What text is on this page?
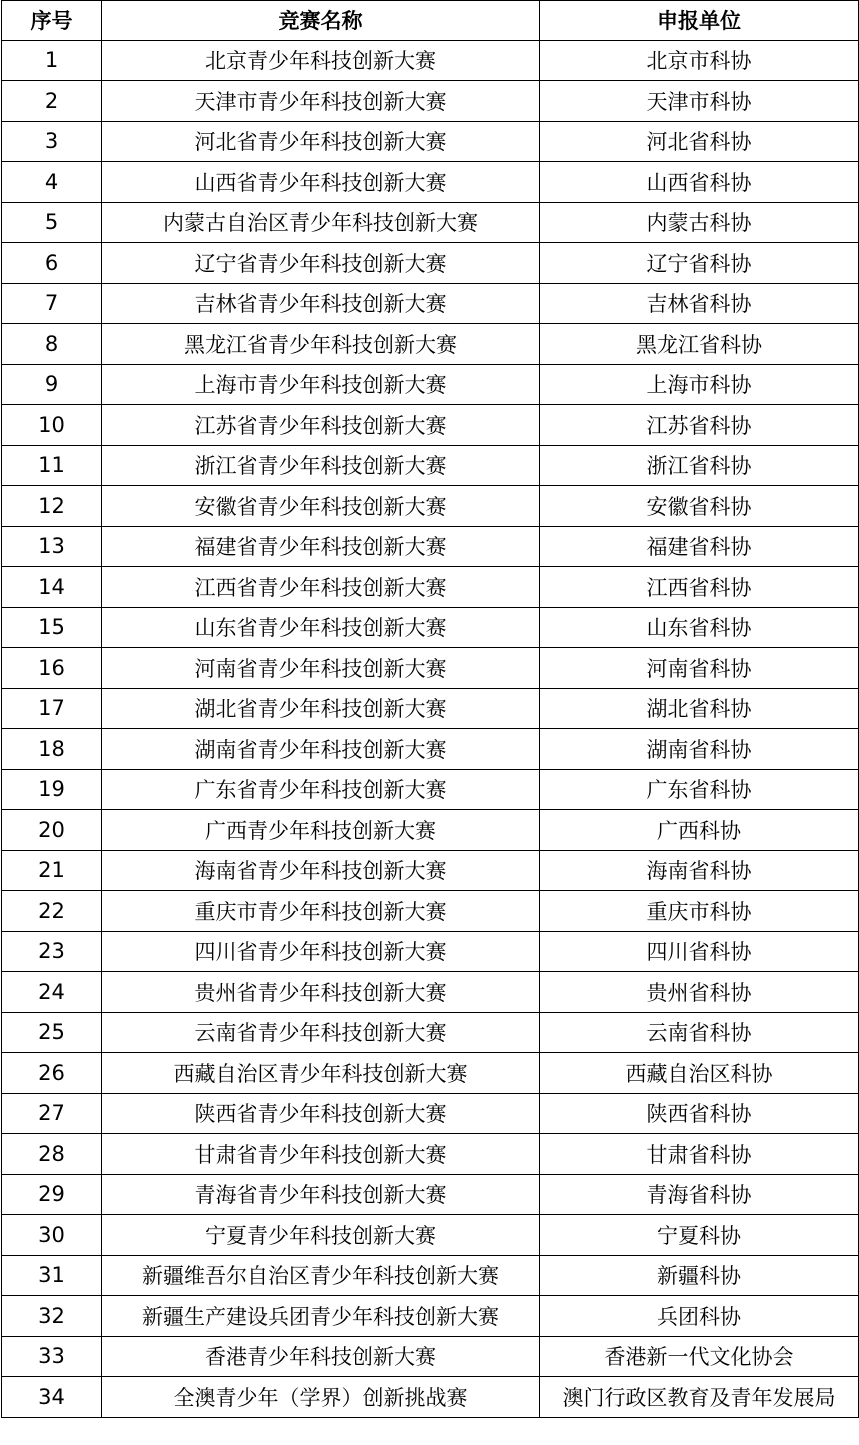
序号	竞赛名称	申报单位
1	北京青少年科技创新大赛	北京市科协
2	天津市青少年科技创新大赛	天津市科协
3	河北省青少年科技创新大赛	河北省科协
4	山西省青少年科技创新大赛	山西省科协
5	内蒙古自治区青少年科技创新大赛	内蒙古科协
6	辽宁省青少年科技创新大赛	辽宁省科协
7	吉林省青少年科技创新大赛	吉林省科协
8	黑龙江省青少年科技创新大赛	黑龙江省科协
9	上海市青少年科技创新大赛	上海市科协
10	江苏省青少年科技创新大赛	江苏省科协
11	浙江省青少年科技创新大赛	浙江省科协
12	安徽省青少年科技创新大赛	安徽省科协
13	福建省青少年科技创新大赛	福建省科协
14	江西省青少年科技创新大赛	江西省科协
15	山东省青少年科技创新大赛	山东省科协
16	河南省青少年科技创新大赛	河南省科协
17	湖北省青少年科技创新大赛	湖北省科协
18	湖南省青少年科技创新大赛	湖南省科协
19	广东省青少年科技创新大赛	广东省科协
20	广西青少年科技创新大赛	广西科协
21	海南省青少年科技创新大赛	海南省科协
22	重庆市青少年科技创新大赛	重庆市科协
23	四川省青少年科技创新大赛	四川省科协
24	贵州省青少年科技创新大赛	贵州省科协
25	云南省青少年科技创新大赛	云南省科协
26	西藏自治区青少年科技创新大赛	西藏自治区科协
27	陕西省青少年科技创新大赛	陕西省科协
28	甘肃省青少年科技创新大赛	甘肃省科协
29	青海省青少年科技创新大赛	青海省科协
30	宁夏青少年科技创新大赛	宁夏科协
31	新疆维吾尔自治区青少年科技创新大赛	新疆科协
32	新疆生产建设兵团青少年科技创新大赛	兵团科协
33	香港青少年科技创新大赛	香港新一代文化协会
34	全澳青少年（学界）创新挑战赛	澳门行政区教育及青年发展局
